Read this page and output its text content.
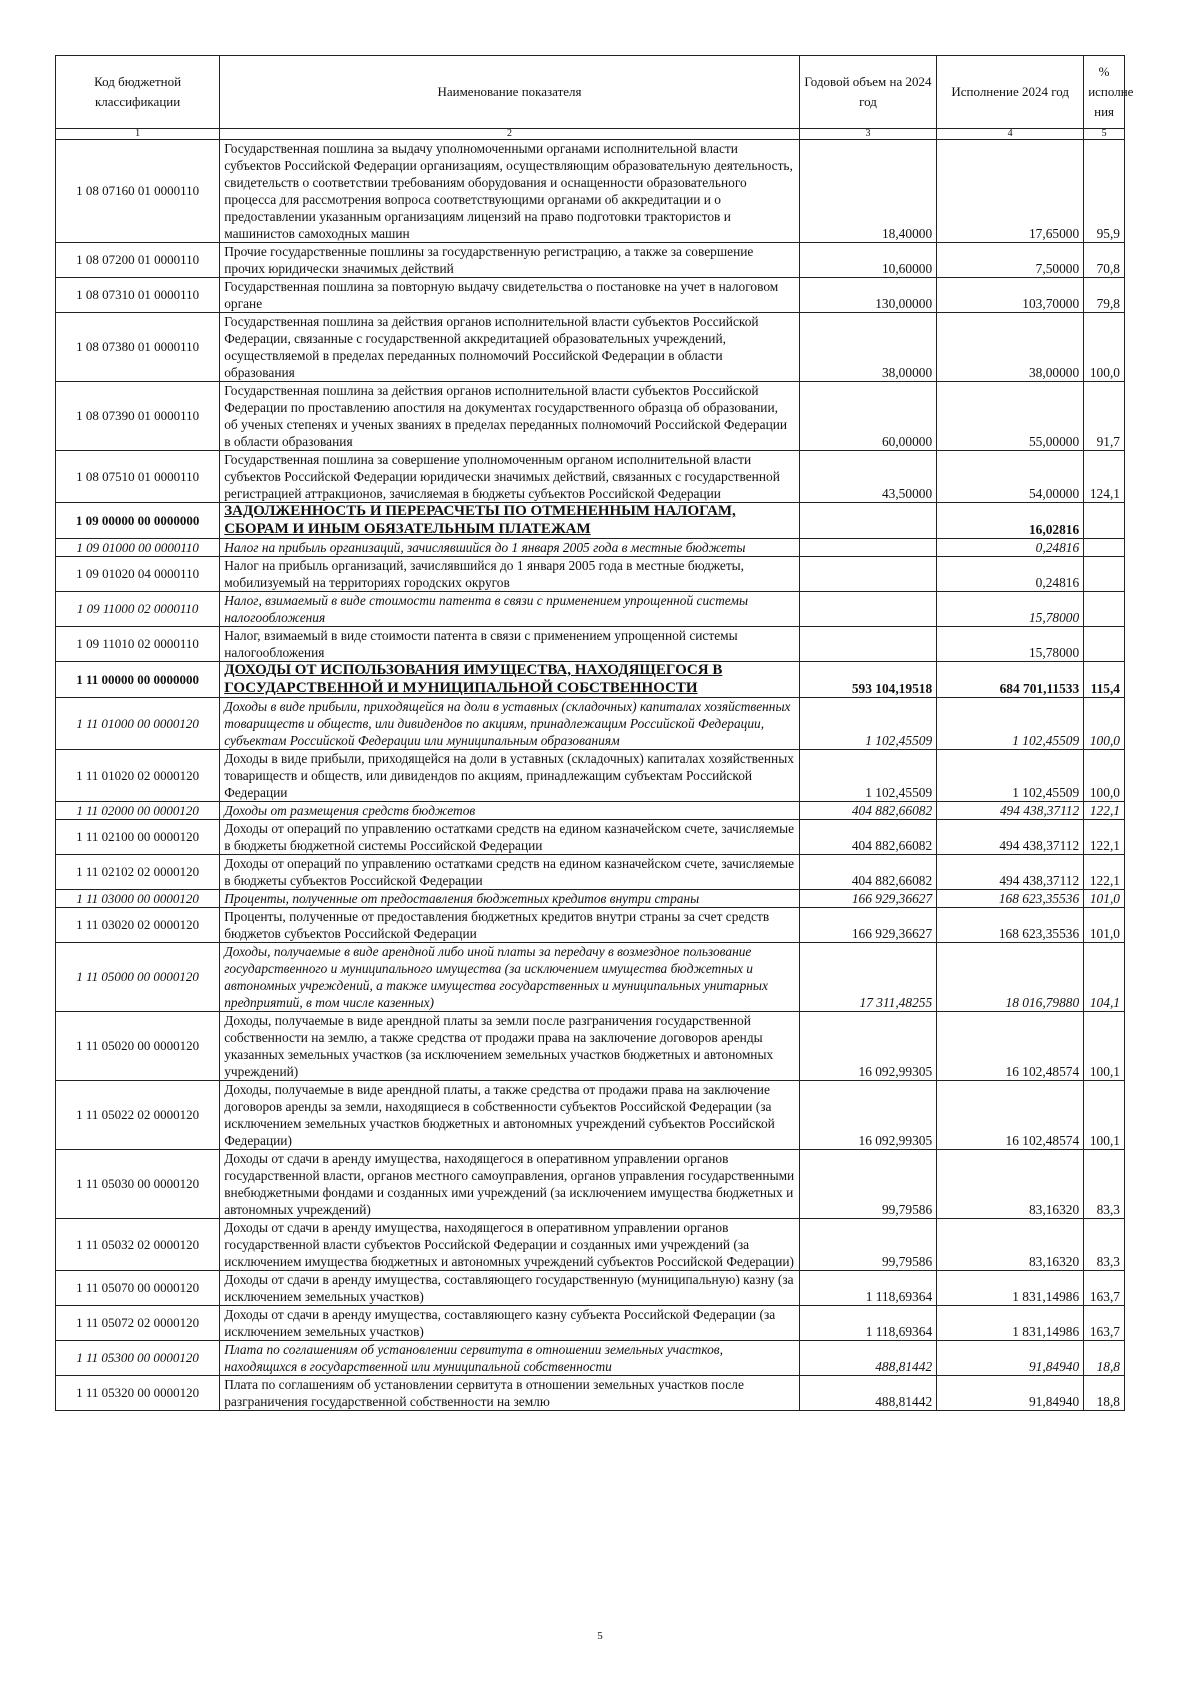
Код бюджетной классификации	Наименование показателя	Годовой объем на 2024 год	Исполнение 2024 год	% исполне ния
1	2	3	4	5
1 08 07160 01 0000110	Государственная пошлина за выдачу уполномоченными органами исполнительной власти субъектов Российской Федерации организациям, осуществляющим образовательную деятельность, свидетельств о соответствии требованиям оборудования и оснащенности образовательного процесса для рассмотрения вопроса соответствующими органами об аккредитации и о предоставлении указанным организациям лицензий на право подготовки трактористов и машинистов самоходных машин	18,40000	17,65000	95,9
1 08 07200 01 0000110	Прочие государственные пошлины за государственную регистрацию, а также за совершение прочих юридически значимых действий	10,60000	7,50000	70,8
1 08 07310 01 0000110	Государственная пошлина за повторную выдачу свидетельства о постановке на учет в налоговом органе	130,00000	103,70000	79,8
1 08 07380 01 0000110	Государственная пошлина за действия органов исполнительной власти субъектов Российской Федерации, связанные с государственной аккредитацией образовательных учреждений, осуществляемой в пределах переданных полномочий Российской Федерации в области образования	38,00000	38,00000	100,0
1 08 07390 01 0000110	Государственная пошлина за действия органов исполнительной власти субъектов Российской Федерации по проставлению апостиля на документах государственного образца об образовании, об ученых степенях и ученых званиях в пределах переданных полномочий Российской Федерации в области образования	60,00000	55,00000	91,7
1 08 07510 01 0000110	Государственная пошлина за совершение уполномоченным органом исполнительной власти субъектов Российской Федерации юридически значимых действий, связанных с государственной регистрацией аттракционов, зачисляемая в бюджеты субъектов Российской Федерации	43,50000	54,00000	124,1
1 09 00000 00 0000000	ЗАДОЛЖЕННОСТЬ И ПЕРЕРАСЧЕТЫ ПО ОТМЕНЕННЫМ НАЛОГАМ, СБОРАМ И ИНЫМ ОБЯЗАТЕЛЬНЫМ ПЛАТЕЖАМ		16,02816	
1 09 01000 00 0000110	Налог на прибыль организаций, зачислявшийся до 1 января 2005 года в местные бюджеты		0,24816	
1 09 01020 04 0000110	Налог на прибыль организаций, зачислявшийся до 1 января 2005 года в местные бюджеты, мобилизуемый на территориях городских округов		0,24816	
1 09 11000 02 0000110	Налог, взимаемый в виде стоимости патента в связи с применением упрощенной системы налогообложения		15,78000	
1 09 11010 02 0000110	Налог, взимаемый в виде стоимости патента в связи с применением упрощенной системы налогообложения		15,78000	
1 11 00000 00 0000000	ДОХОДЫ ОТ ИСПОЛЬЗОВАНИЯ ИМУЩЕСТВА, НАХОДЯЩЕГОСЯ В ГОСУДАРСТВЕННОЙ И МУНИЦИПАЛЬНОЙ СОБСТВЕННОСТИ	593 104,19518	684 701,11533	115,4
1 11 01000 00 0000120	Доходы в виде прибыли, приходящейся на доли в уставных (складочных) капиталах хозяйственных товариществ и обществ, или дивидендов по акциям, принадлежащим Российской Федерации, субъектам Российской Федерации или муниципальным образованиям	1 102,45509	1 102,45509	100,0
1 11 01020 02 0000120	Доходы в виде прибыли, приходящейся на доли в уставных (складочных) капиталах хозяйственных товариществ и обществ, или дивидендов по акциям, принадлежащим субъектам Российской Федерации	1 102,45509	1 102,45509	100,0
1 11 02000 00 0000120	Доходы от размещения средств бюджетов	404 882,66082	494 438,37112	122,1
1 11 02100 00 0000120	Доходы от операций по управлению остатками средств на едином казначейском счете, зачисляемые в бюджеты бюджетной системы Российской Федерации	404 882,66082	494 438,37112	122,1
1 11 02102 02 0000120	Доходы от операций по управлению остатками средств на едином казначейском счете, зачисляемые в бюджеты субъектов Российской Федерации	404 882,66082	494 438,37112	122,1
1 11 03000 00 0000120	Проценты, полученные от предоставления бюджетных кредитов внутри страны	166 929,36627	168 623,35536	101,0
1 11 03020 02 0000120	Проценты, полученные от предоставления бюджетных кредитов внутри страны за счет средств бюджетов субъектов Российской Федерации	166 929,36627	168 623,35536	101,0
1 11 05000 00 0000120	Доходы, получаемые в виде арендной либо иной платы за передачу в возмездное пользование государственного и муниципального имущества (за исключением имущества бюджетных и автономных учреждений, а также имущества государственных и муниципальных унитарных предприятий, в том числе казенных)	17 311,48255	18 016,79880	104,1
1 11 05020 00 0000120	Доходы, получаемые в виде арендной платы за земли после разграничения государственной собственности на землю, а также средства от продажи права на заключение договоров аренды указанных земельных участков (за исключением земельных участков бюджетных и автономных учреждений)	16 092,99305	16 102,48574	100,1
1 11 05022 02 0000120	Доходы, получаемые в виде арендной платы, а также средства от продажи права на заключение договоров аренды за земли, находящиеся в собственности субъектов Российской Федерации (за исключением земельных участков бюджетных и автономных учреждений субъектов Российской Федерации)	16 092,99305	16 102,48574	100,1
1 11 05030 00 0000120	Доходы от сдачи в аренду имущества, находящегося в оперативном управлении органов государственной власти, органов местного самоуправления, органов управления государственными внебюджетными фондами и созданных ими учреждений (за исключением имущества бюджетных и автономных учреждений)	99,79586	83,16320	83,3
1 11 05032 02 0000120	Доходы от сдачи в аренду имущества, находящегося в оперативном управлении органов государственной власти субъектов Российской Федерации и созданных ими учреждений (за исключением имущества бюджетных и автономных учреждений субъектов Российской Федерации)	99,79586	83,16320	83,3
1 11 05070 00 0000120	Доходы от сдачи в аренду имущества, составляющего государственную (муниципальную) казну (за исключением земельных участков)	1 118,69364	1 831,14986	163,7
1 11 05072 02 0000120	Доходы от сдачи в аренду имущества, составляющего казну субъекта Российской Федерации (за исключением земельных участков)	1 118,69364	1 831,14986	163,7
1 11 05300 00 0000120	Плата по соглашениям об установлении сервитута в отношении земельных участков, находящихся в государственной или муниципальной собственности	488,81442	91,84940	18,8
1 11 05320 00 0000120	Плата по соглашениям об установлении сервитута в отношении земельных участков после разграничения государственной собственности на землю	488,81442	91,84940	18,8
5
